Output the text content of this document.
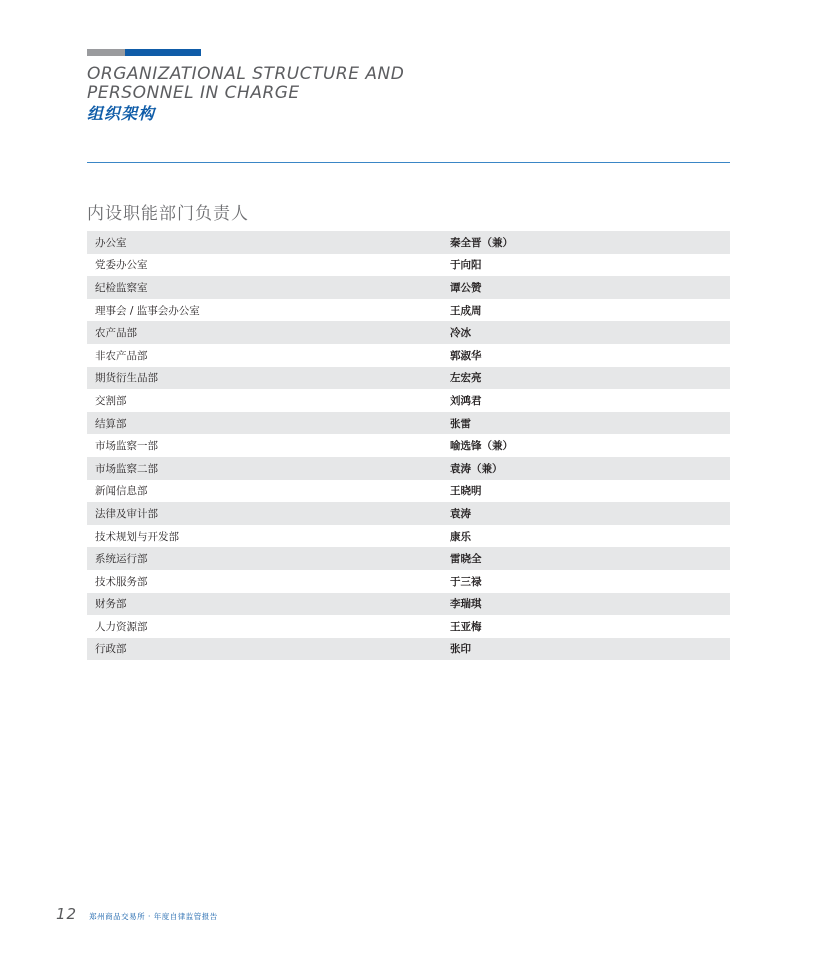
ORGANIZATIONAL STRUCTURE AND
PERSONNEL IN CHARGE
组织架构
内设职能部门负责人
办公室	秦全晋（兼）
党委办公室	于向阳
纪检监察室	谭公赞
理事会 / 监事会办公室	王成周
农产品部	冷冰
非农产品部	郭淑华
期货衍生品部	左宏亮
交割部	刘鸿君
结算部	张雷
市场监察一部	喻选锋（兼）
市场监察二部	袁涛（兼）
新闻信息部	王晓明
法律及审计部	袁涛
技术规划与开发部	康乐
系统运行部	雷晓全
技术服务部	于三禄
财务部	李瑞琪
人力资源部	王亚梅
行政部	张印
12 郑州商品交易所 · 年度自律监管报告
